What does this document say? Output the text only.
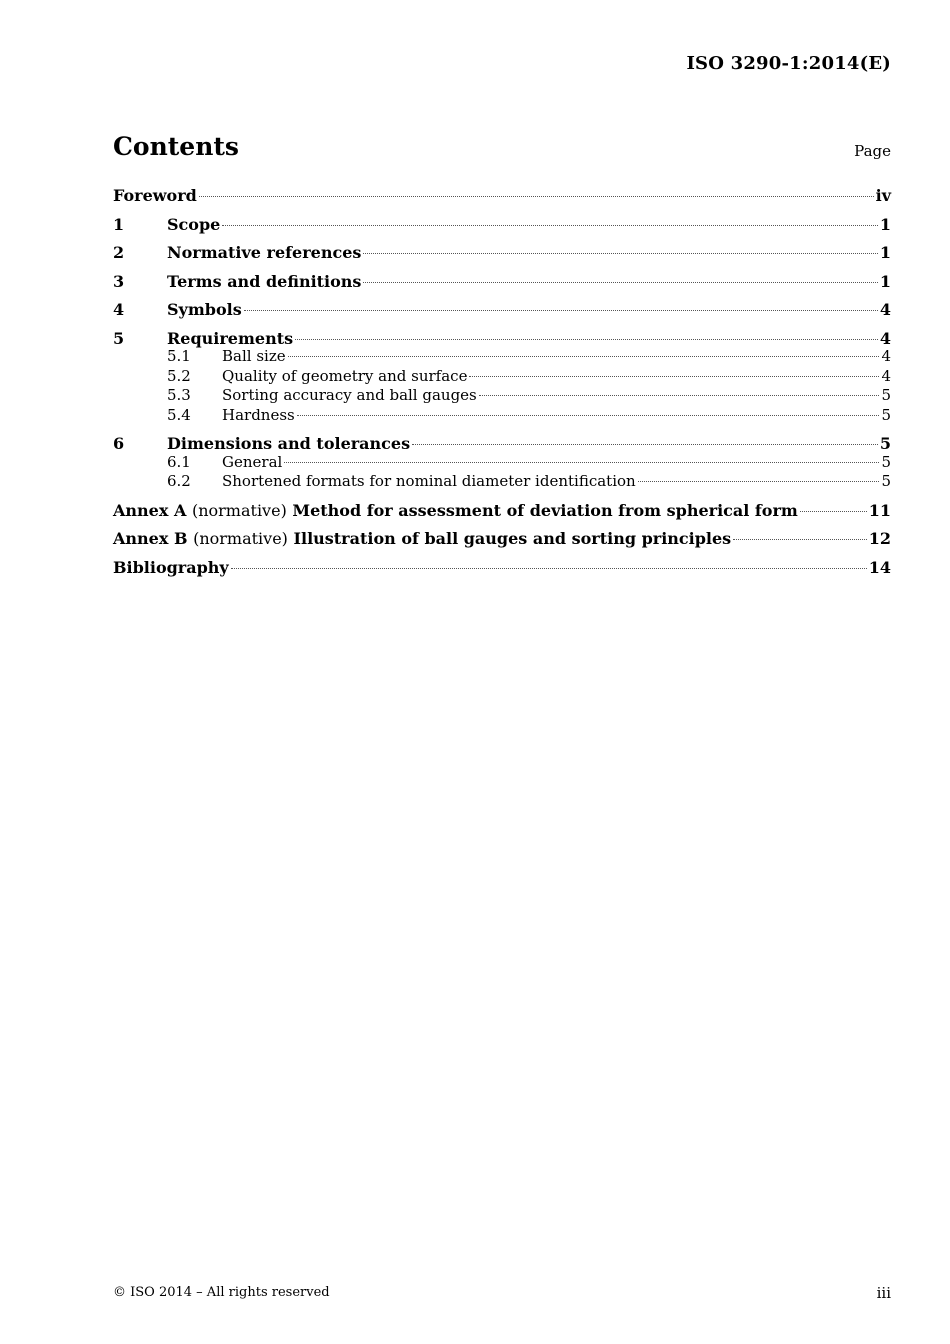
ISO 3290-1:2014(E)
Contents	Page
Foreword	iv
1	Scope	1
2	Normative references	1
3	Terms and definitions	1
4	Symbols	4
5	Requirements	4
5.1	Ball size	4
5.2	Quality of geometry and surface	4
5.3	Sorting accuracy and ball gauges	5
5.4	Hardness	5
6	Dimensions and tolerances	5
6.1	General	5
6.2	Shortened formats for nominal diameter identification	5
Annex A (normative) Method for assessment of deviation from spherical form	11
Annex B (normative) Illustration of ball gauges and sorting principles	12
Bibliography	14
© ISO 2014 – All rights reserved	iii
